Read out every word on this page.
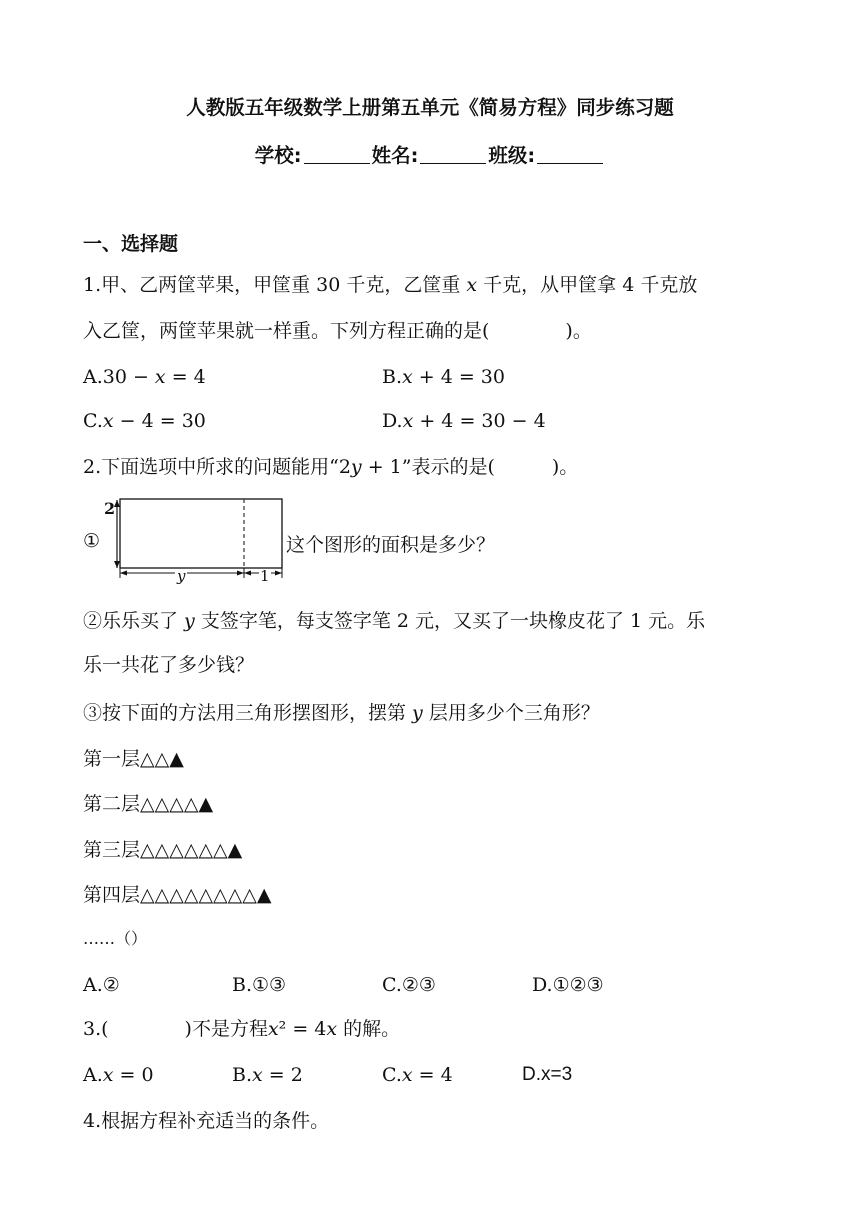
人教版五年级数学上册第五单元《简易方程》同步练习题
学校:	姓名:	班级:
一、选择题
1.甲、乙两筐苹果，甲筐重 30 千克，乙筐重 𝑥 千克，从甲筐拿 4 千克放
入乙筐，两筐苹果就一样重。下列方程正确的是(　　　　)。
A.30 − 𝑥 = 4	B.𝑥 + 4 = 30
C.𝑥 − 4 = 30	D.𝑥 + 4 = 30 − 4
2.下面选项中所求的问题能用“2𝑦 + 1”表示的是(　　　)。
①
2
y	1
这个图形的面积是多少？
②乐乐买了 𝑦 支签字笔，每支签字笔 2 元，又买了一块橡皮花了 1 元。乐
乐一共花了多少钱？
③按下面的方法用三角形摆图形，摆第 𝑦 层用多少个三角形？
第一层△△▲
第二层△△△△▲
第三层△△△△△△▲
第四层△△△△△△△△▲
……（）
A.②	B.①③	C.②③	D.①②③
3.(　　　　)不是方程𝑥² = 4𝑥 的解。
A.𝑥 = 0	B.𝑥 = 2	C.𝑥 = 4	D.x=3
4.根据方程补充适当的条件。
